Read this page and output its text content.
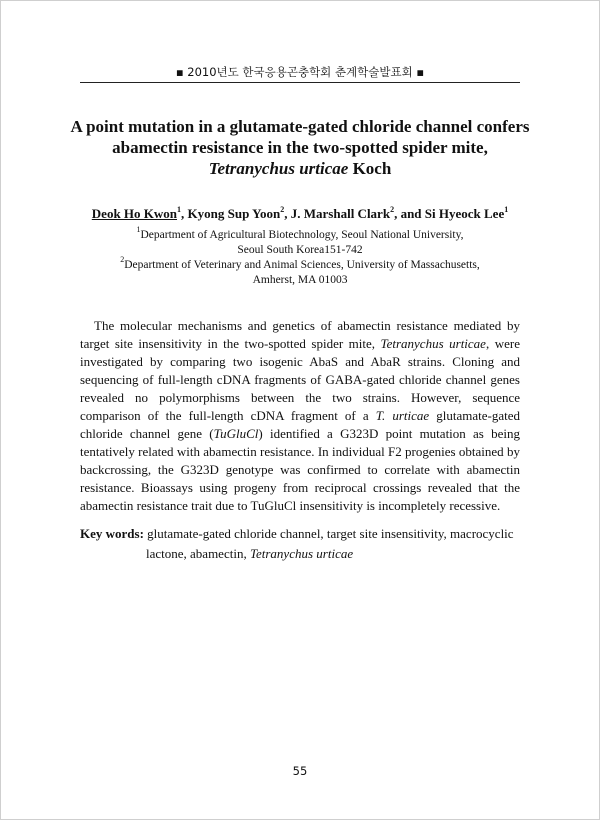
▪ 2010년도 한국응용곤충학회 춘계학술발표회 ▪
A point mutation in a glutamate-gated chloride channel confers
abamectin resistance in the two-spotted spider mite,
Tetranychus urticae Koch
Deok Ho Kwon$^1$, Kyong Sup Yoon$^2$, J. Marshall Clark$^2$, and Si Hyeock Lee$^1$
$^1$Department of Agricultural Biotechnology, Seoul National University,
Seoul South Korea151-742
$^2$Department of Veterinary and Animal Sciences, University of Massachusetts,
Amherst, MA 01003

The molecular mechanisms and genetics of abamectin resistance mediated by target site insensitivity in the two-spotted spider mite, Tetranychus urticae, were investigated by comparing two isogenic AbaS and AbaR strains. Cloning and sequencing of full-length cDNA fragments of GABA-gated chloride channel genes revealed no polymorphisms between the two strains. However, sequence comparison of the full-length cDNA fragment of a T. urticae glutamate-gated chloride channel gene (TuGluCl) identified a G323D point mutation as being tentatively related with abamectin resistance. In individual F2 progenies obtained by backcrossing, the G323D genotype was confirmed to correlate with abamectin resistance. Bioassays using progeny from reciprocal crossings revealed that the abamectin resistance trait due to TuGluCl insensitivity is incompletely recessive.

Key words: glutamate-gated chloride channel, target site insensitivity, macrocyclic
lactone, abamectin, Tetranychus urticae
55
